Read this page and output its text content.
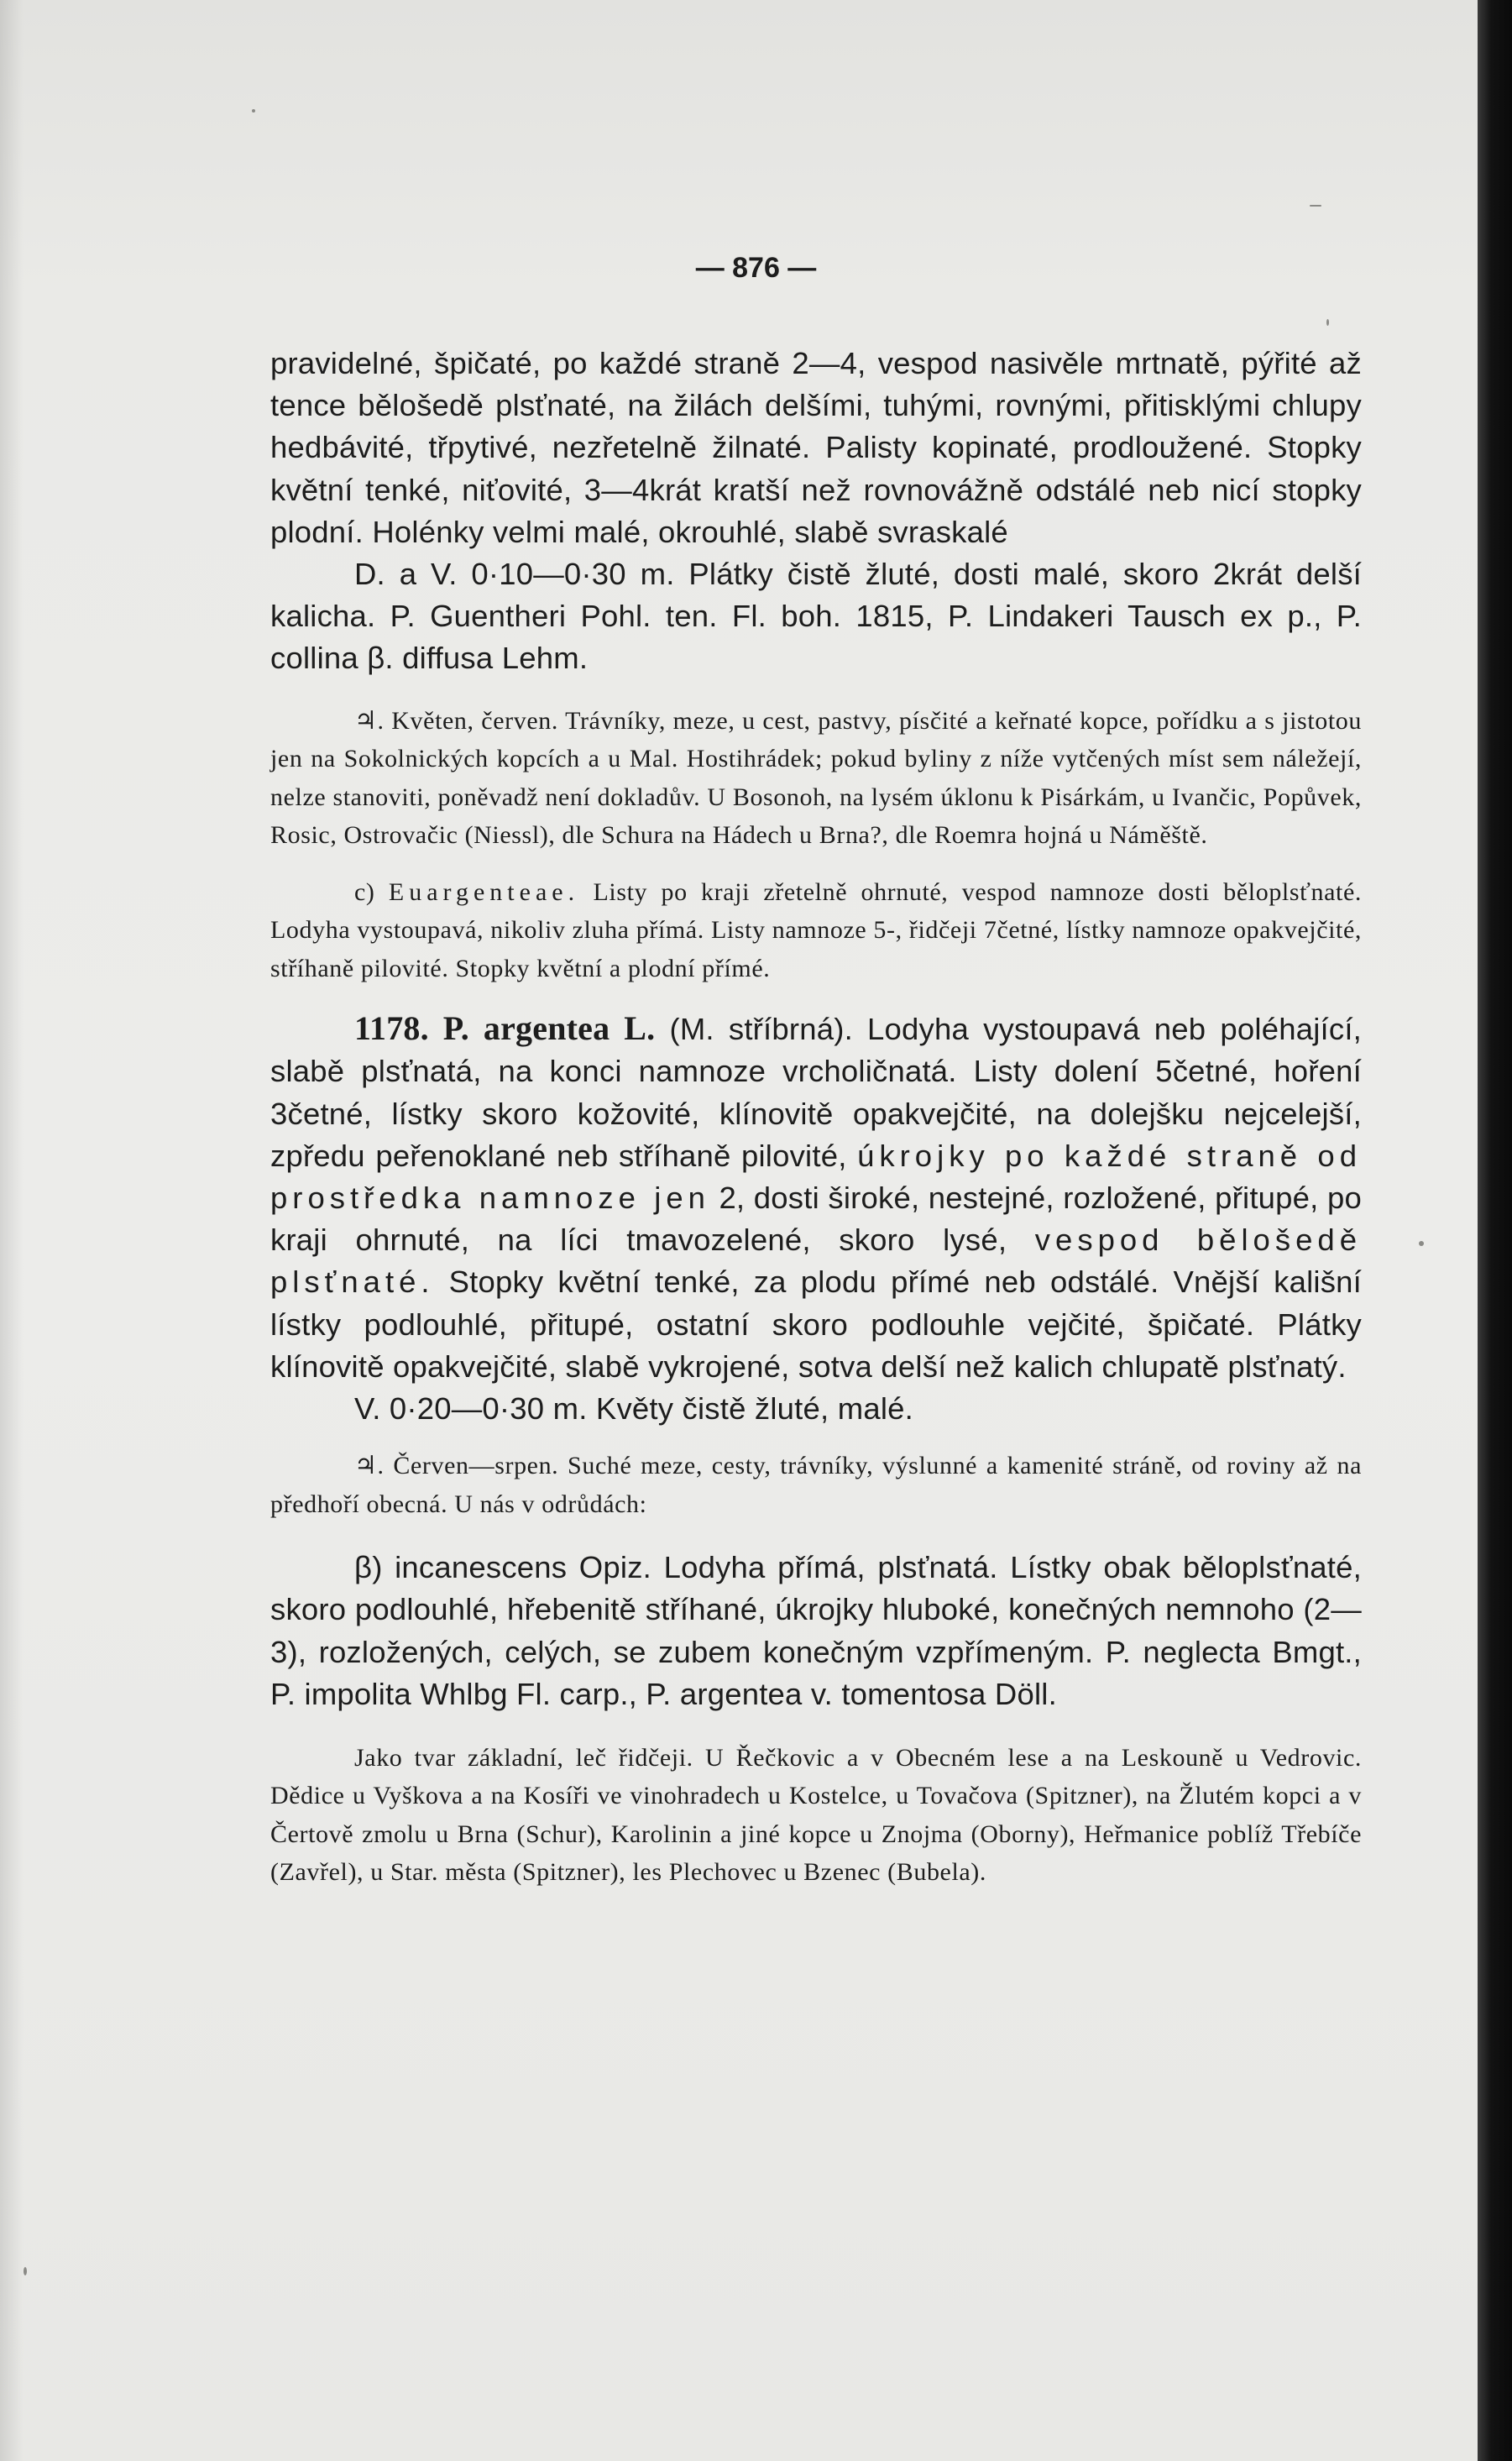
— 876 —

pravidelné, špičaté, po každé straně 2—4, vespod nasivěle mrtnatě, pýřité až tence bělošedě plsťnaté, na žilách delšími, tuhými, rovnými, přitisklými chlupy hedbávité, třpytivé, nezřetelně žilnaté. Palisty kopinaté, prodloužené. Stopky květní tenké, niťovité, 3—4krát kratší než rovnovážně odstálé neb nicí stopky plodní. Holénky velmi malé, okrouhlé, slabě svraskalé

D. a V. 0·10—0·30 m. Plátky čistě žluté, dosti malé, skoro 2krát delší kalicha. P. Guentheri Pohl. ten. Fl. boh. 1815, P. Lindakeri Tausch ex p., P. collina β. diffusa Lehm.

♃. Květen, červen. Trávníky, meze, u cest, pastvy, písčité a keřnaté kopce, pořídku a s jistotou jen na Sokolnických kopcích a u Mal. Hostihrádek; pokud byliny z níže vytčených míst sem náležejí, nelze stanoviti, poněvadž není dokladův. U Bosonoh, na lysém úklonu k Pisárkám, u Ivančic, Popůvek, Rosic, Ostrovačic (Niessl), dle Schura na Hádech u Brna?, dle Roemra hojná u Náměště.

c) Euargenteae. Listy po kraji zřetelně ohrnuté, vespod namnoze dosti běloplsťnaté. Lodyha vystoupavá, nikoliv zluha přímá. Listy namnoze 5-, řidčeji 7četné, lístky namnoze opakvejčité, stříhaně pilovité. Stopky květní a plodní přímé.

1178. P. argentea L. (M. stříbrná). Lodyha vystoupavá neb poléhající, slabě plsťnatá, na konci namnoze vrcholičnatá. Listy dolení 5četné, hoření 3četné, lístky skoro kožovité, klínovitě opakvejčité, na dolejšku nejcelejší, zpředu peřenoklané neb stříhaně pilovité, úkrojky po každé straně od prostředka namnoze jen 2, dosti široké, nestejné, rozložené, přitupé, po kraji ohrnuté, na líci tmavozelené, skoro lysé, vespod bělošedě plsťnaté. Stopky květní tenké, za plodu přímé neb odstálé. Vnější kališní lístky podlouhlé, přitupé, ostatní skoro podlouhle vejčité, špičaté. Plátky klínovitě opakvejčité, slabě vykrojené, sotva delší než kalich chlupatě plsťnatý.

V. 0·20—0·30 m. Květy čistě žluté, malé.

♃. Červen—srpen. Suché meze, cesty, trávníky, výslunné a kamenité stráně, od roviny až na předhoří obecná. U nás v odrůdách:

β) incanescens Opiz. Lodyha přímá, plsťnatá. Lístky obak běloplsťnaté, skoro podlouhlé, hřebenitě stříhané, úkrojky hluboké, konečných nemnoho (2—3), rozložených, celých, se zubem konečným vzpřímeným. P. neglecta Bmgt., P. impolita Whlbg Fl. carp., P. argentea v. tomentosa Döll.

Jako tvar základní, leč řidčeji. U Řečkovic a v Obecném lese a na Leskouně u Vedrovic. Dědice u Vyškova a na Kosíři ve vinohradech u Kostelce, u Tovačova (Spitzner), na Žlutém kopci a v Čertově zmolu u Brna (Schur), Karolinin a jiné kopce u Znojma (Oborny), Heřmanice poblíž Třebíče (Zavřel), u Star. města (Spitzner), les Plechovec u Bzenec (Bubela).
